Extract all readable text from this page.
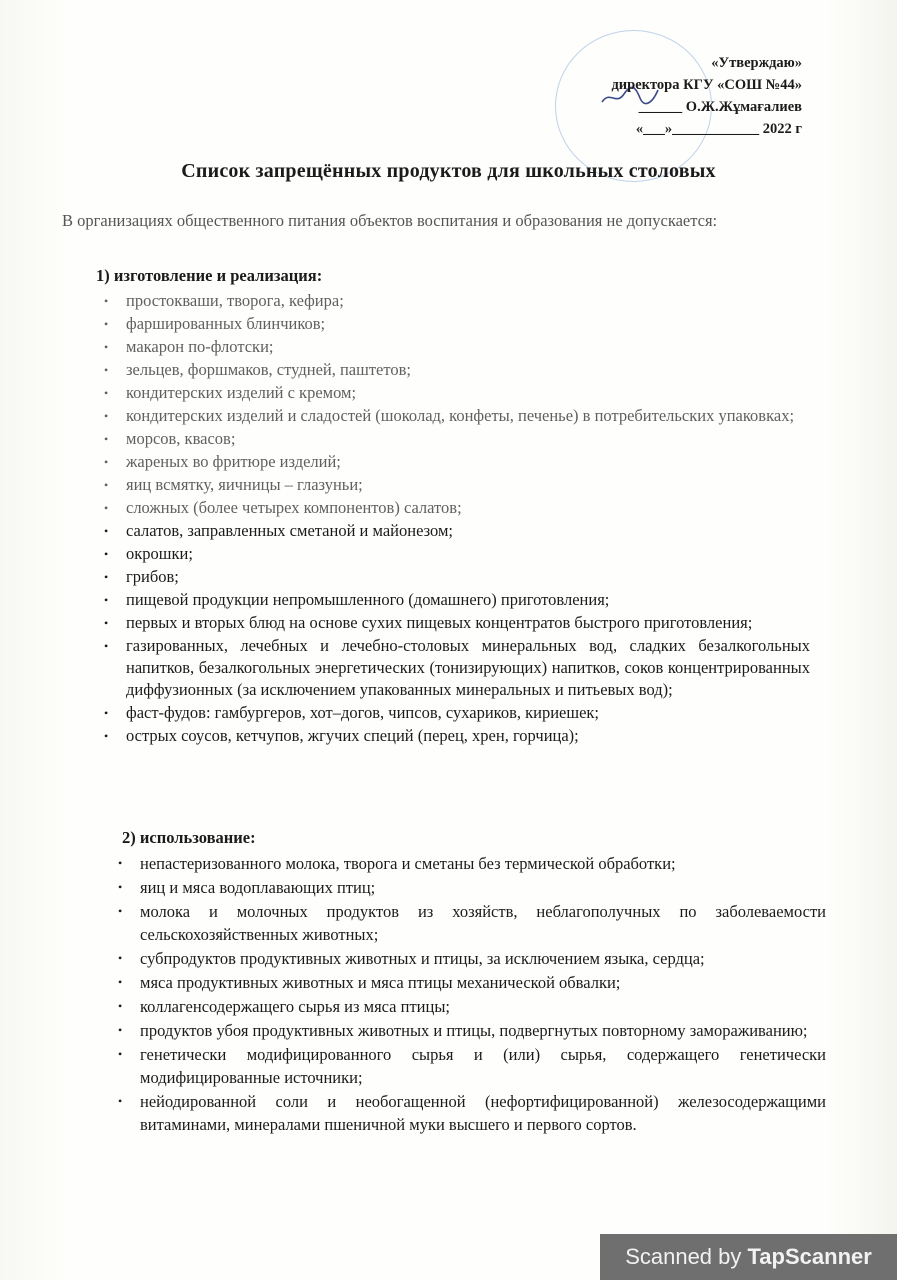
«Утверждаю»
директора КГУ «СОШ №44»
______ О.Ж.Жұмағалиев
«___»____________ 2022 г
Список запрещённых продуктов для школьных столовых
В организациях общественного питания объектов воспитания и образования не допускается:
1) изготовление и реализация:
• простокваши, творога, кефира;
• фаршированных блинчиков;
• макарон по-флотски;
• зельцев, форшмаков, студней, паштетов;
• кондитерских изделий с кремом;
• кондитерских изделий и сладостей (шоколад, конфеты, печенье) в потребительских упаковках;
• морсов, квасов;
• жареных во фритюре изделий;
• яиц всмятку, яичницы – глазуньи;
• сложных (более четырех компонентов) салатов;
• салатов, заправленных сметаной и майонезом;
• окрошки;
• грибов;
• пищевой продукции непромышленного (домашнего) приготовления;
• первых и вторых блюд на основе сухих пищевых концентратов быстрого приготовления;
• газированных, лечебных и лечебно-столовых минеральных вод, сладких безалкогольных напитков, безалкогольных энергетических (тонизирующих) напитков, соков концентрированных диффузионных (за исключением упакованных минеральных и питьевых вод);
• фаст-фудов: гамбургеров, хот–догов, чипсов, сухариков, кириешек;
• острых соусов, кетчупов, жгучих специй (перец, хрен, горчица);
2) использование:
• непастеризованного молока, творога и сметаны без термической обработки;
• яиц и мяса водоплавающих птиц;
• молока и молочных продуктов из хозяйств, неблагополучных по заболеваемости сельскохозяйственных животных;
• субпродуктов продуктивных животных и птицы, за исключением языка, сердца;
• мяса продуктивных животных и мяса птицы механической обвалки;
• коллагенсодержащего сырья из мяса птицы;
• продуктов убоя продуктивных животных и птицы, подвергнутых повторному замораживанию;
• генетически модифицированного сырья и (или) сырья, содержащего генетически модифицированные источники;
• нейодированной соли и необогащенной (нефортифицированной) железосодержащими витаминами, минералами пшеничной муки высшего и первого сортов.
Scanned by TapScanner
